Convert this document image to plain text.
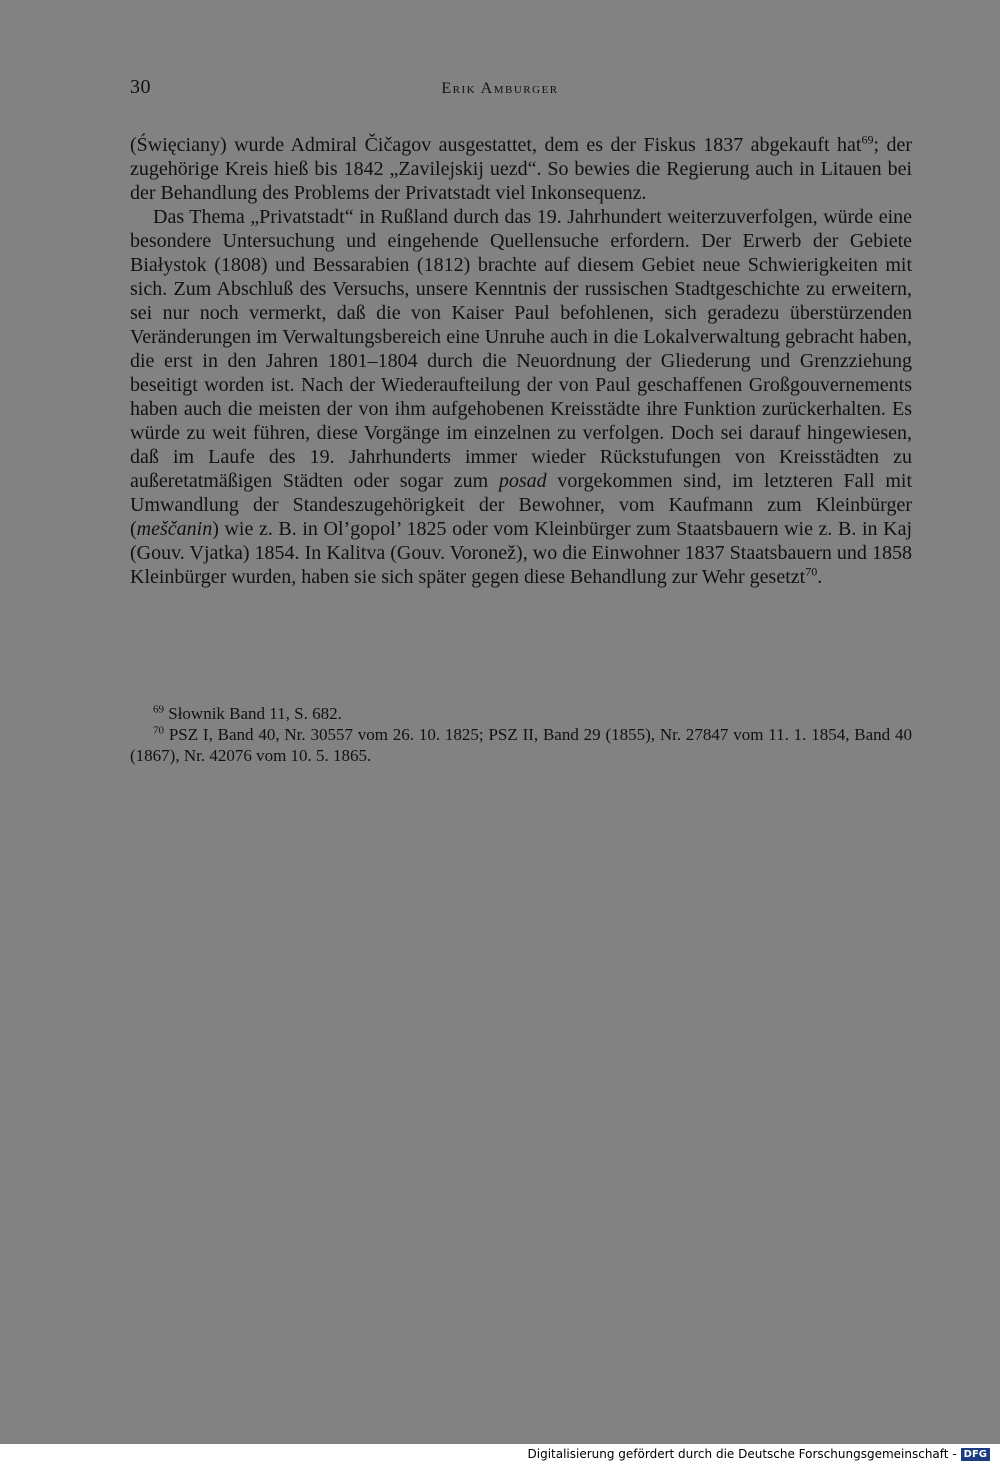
30	Erik Amburger

(Święciany) wurde Admiral Čičagov ausgestattet, dem es der Fiskus 1837 abgekauft hat$^{69}$; der zugehörige Kreis hieß bis 1842 „Zavilejskij uezd“. So bewies die Regierung auch in Litauen bei der Behandlung des Problems der Privatstadt viel Inkonsequenz.

Das Thema „Privatstadt“ in Rußland durch das 19. Jahrhundert weiterzuverfolgen, würde eine besondere Untersuchung und eingehende Quellensuche erfordern. Der Erwerb der Gebiete Białystok (1808) und Bessarabien (1812) brachte auf diesem Gebiet neue Schwierigkeiten mit sich. Zum Abschluß des Versuchs, unsere Kenntnis der russischen Stadtgeschichte zu erweitern, sei nur noch vermerkt, daß die von Kaiser Paul befohlenen, sich geradezu überstürzenden Veränderungen im Verwaltungsbereich eine Unruhe auch in die Lokalverwaltung gebracht haben, die erst in den Jahren 1801–1804 durch die Neuordnung der Gliederung und Grenzziehung beseitigt worden ist. Nach der Wiederaufteilung der von Paul geschaffenen Großgouvernements haben auch die meisten der von ihm aufgehobenen Kreisstädte ihre Funktion zurückerhalten. Es würde zu weit führen, diese Vorgänge im einzelnen zu verfolgen. Doch sei darauf hingewiesen, daß im Laufe des 19. Jahrhunderts immer wieder Rückstufungen von Kreisstädten zu außeretatmäßigen Städten oder sogar zum posad vorgekommen sind, im letzteren Fall mit Umwandlung der Standeszugehörigkeit der Bewohner, vom Kaufmann zum Kleinbürger (meščanin) wie z. B. in Ol’gopol’ 1825 oder vom Kleinbürger zum Staatsbauern wie z. B. in Kaj (Gouv. Vjatka) 1854. In Kalitva (Gouv. Voronež), wo die Einwohner 1837 Staatsbauern und 1858 Kleinbürger wurden, haben sie sich später gegen diese Behandlung zur Wehr gesetzt$^{70}$.

$^{69}$ Słownik Band 11, S. 682.

$^{70}$ PSZ I, Band 40, Nr. 30557 vom 26. 10. 1825; PSZ II, Band 29 (1855), Nr. 27847 vom 11. 1. 1854, Band 40 (1867), Nr. 42076 vom 10. 5. 1865.

Digitalisierung gefördert durch die Deutsche Forschungsgemeinschaft - DFG
